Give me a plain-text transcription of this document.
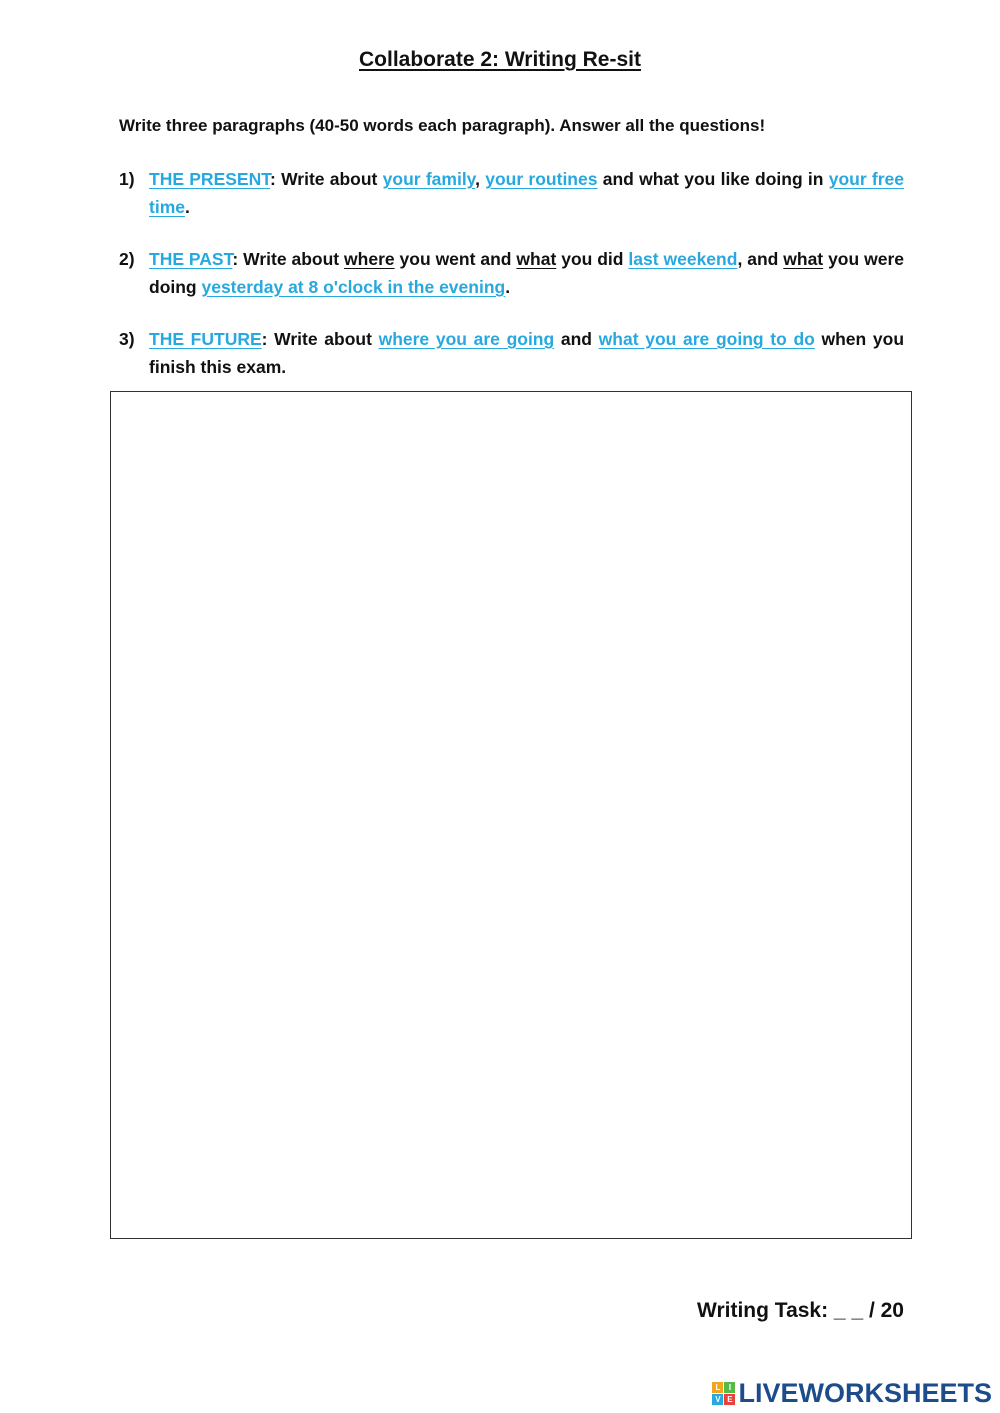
Collaborate 2: Writing Re-sit
Write three paragraphs (40-50 words each paragraph). Answer all the questions!
1) THE PRESENT: Write about your family, your routines and what you like doing in your free time.
2) THE PAST: Write about where you went and what you did last weekend, and what you were doing yesterday at 8 o'clock in the evening.
3) THE FUTURE: Write about where you are going and what you are going to do when you finish this exam.
Writing Task: _ _ / 20
L	I
V E LIVEWORKSHEETS
